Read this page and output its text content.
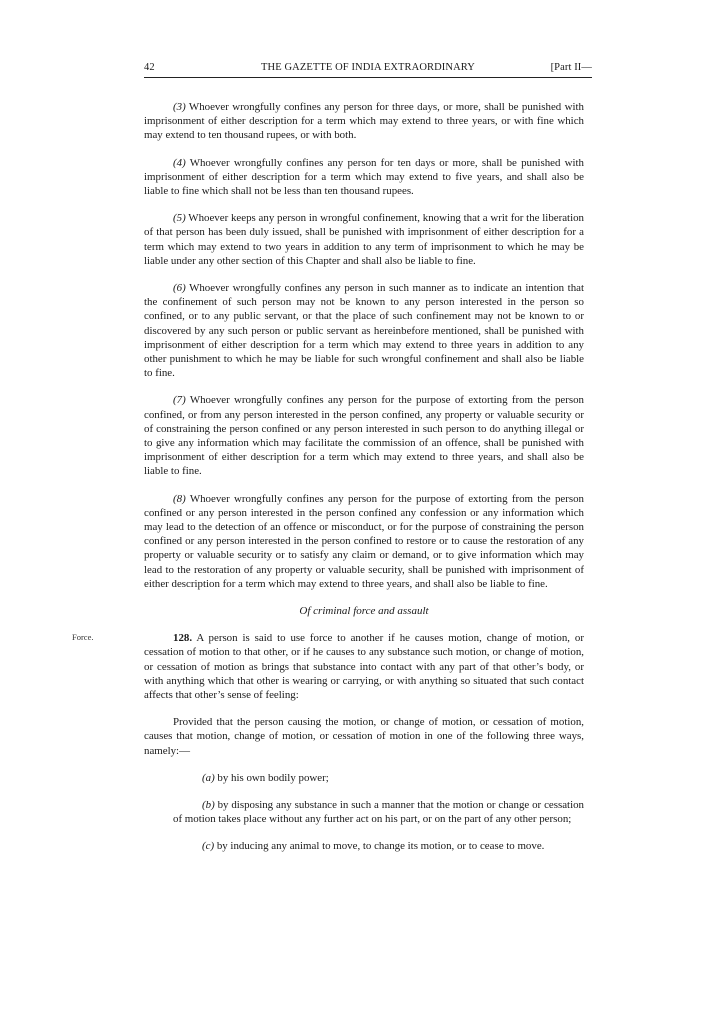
42	THE GAZETTE OF INDIA EXTRAORDINARY	[Part II—

(3) Whoever wrongfully confines any person for three days, or more, shall be punished with imprisonment of either description for a term which may extend to three years, or with fine which may extend to ten thousand rupees, or with both.

(4) Whoever wrongfully confines any person for ten days or more, shall be punished with imprisonment of either description for a term which may extend to five years, and shall also be liable to fine which shall not be less than ten thousand rupees.

(5) Whoever keeps any person in wrongful confinement, knowing that a writ for the liberation of that person has been duly issued, shall be punished with imprisonment of either description for a term which may extend to two years in addition to any term of imprisonment to which he may be liable under any other section of this Chapter and shall also be liable to fine.

(6) Whoever wrongfully confines any person in such manner as to indicate an intention that the confinement of such person may not be known to any person interested in the person so confined, or to any public servant, or that the place of such confinement may not be known to or discovered by any such person or public servant as hereinbefore mentioned, shall be punished with imprisonment of either description for a term which may extend to three years in addition to any other punishment to which he may be liable for such wrongful confinement and shall also be liable to fine.

(7) Whoever wrongfully confines any person for the purpose of extorting from the person confined, or from any person interested in the person confined, any property or valuable security or of constraining the person confined or any person interested in such person to do anything illegal or to give any information which may facilitate the commission of an offence, shall be punished with imprisonment of either description for a term which may extend to three years, and shall also be liable to fine.

(8) Whoever wrongfully confines any person for the purpose of extorting from the person confined or any person interested in the person confined any confession or any information which may lead to the detection of an offence or misconduct, or for the purpose of constraining the person confined or any person interested in the person confined to restore or to cause the restoration of any property or valuable security or to satisfy any claim or demand, or to give information which may lead to the restoration of any property or valuable security, shall be punished with imprisonment of either description for a term which may extend to three years, and shall also be liable to fine.

Of criminal force and assault

Force.	128. A person is said to use force to another if he causes motion, change of motion, or cessation of motion to that other, or if he causes to any substance such motion, or change of motion, or cessation of motion as brings that substance into contact with any part of that other’s body, or with anything which that other is wearing or carrying, or with anything so situated that such contact affects that other’s sense of feeling:

Provided that the person causing the motion, or change of motion, or cessation of motion, causes that motion, change of motion, or cessation of motion in one of the following three ways, namely:—

(a) by his own bodily power;

(b) by disposing any substance in such a manner that the motion or change or cessation of motion takes place without any further act on his part, or on the part of any other person;

(c) by inducing any animal to move, to change its motion, or to cease to move.
